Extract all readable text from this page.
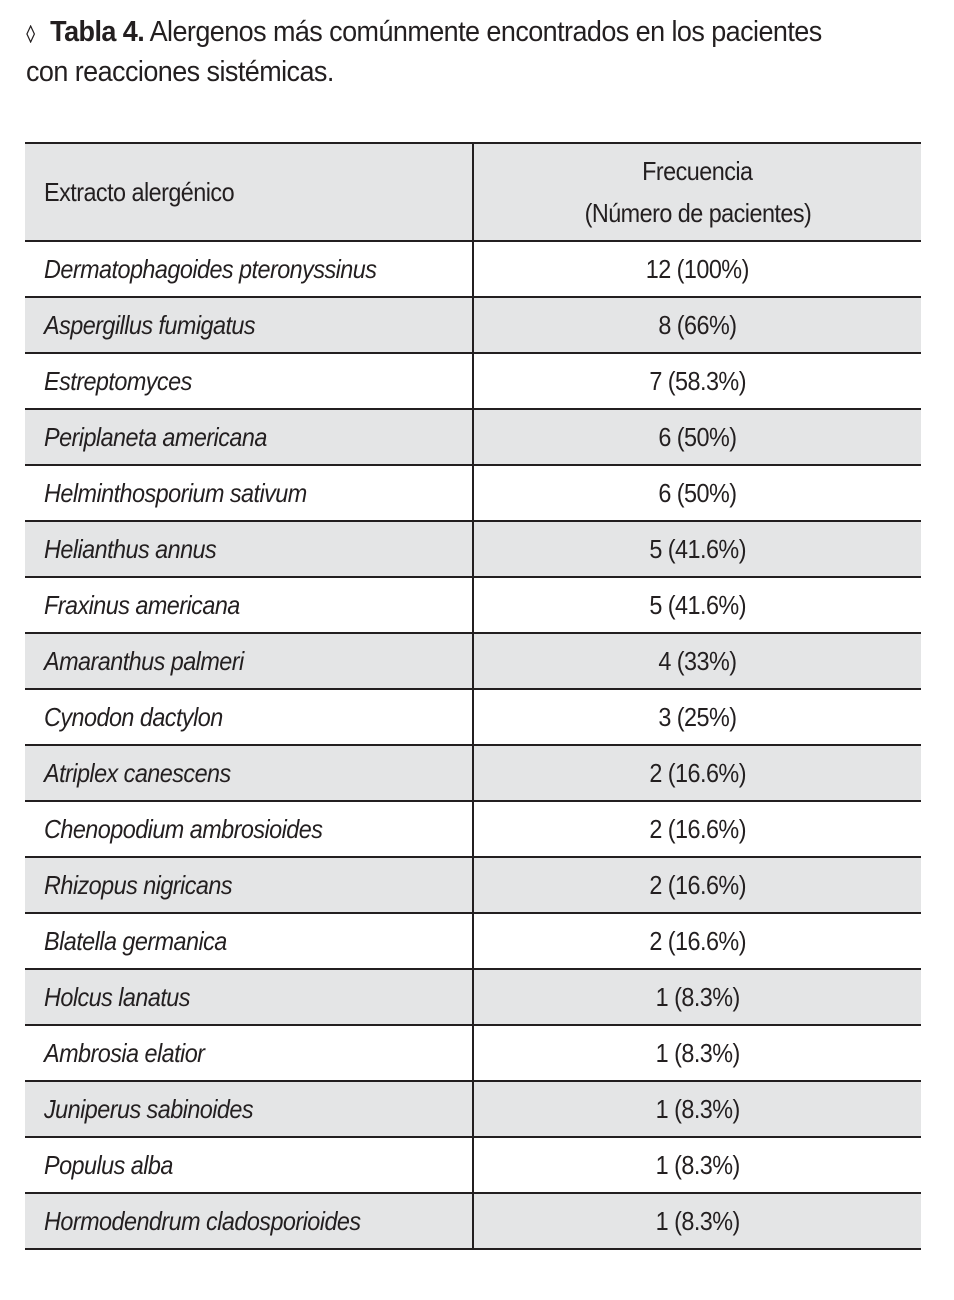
Tabla 4. Alergenos más comúnmente encontrados en los pacientes con reacciones sistémicas.
Extracto alergénico	Frecuencia
(Número de pacientes)
Dermatophagoides pteronyssinus	12 (100%)
Aspergillus fumigatus	8 (66%)
Estreptomyces	7 (58.3%)
Periplaneta americana	6 (50%)
Helminthosporium sativum	6 (50%)
Helianthus annus	5 (41.6%)
Fraxinus americana	5 (41.6%)
Amaranthus palmeri	4 (33%)
Cynodon dactylon	3 (25%)
Atriplex canescens	2 (16.6%)
Chenopodium ambrosioides	2 (16.6%)
Rhizopus nigricans	2 (16.6%)
Blatella germanica	2 (16.6%)
Holcus lanatus	1 (8.3%)
Ambrosia elatior	1 (8.3%)
Juniperus sabinoides	1 (8.3%)
Populus alba	1 (8.3%)
Hormodendrum cladosporioides	1 (8.3%)
